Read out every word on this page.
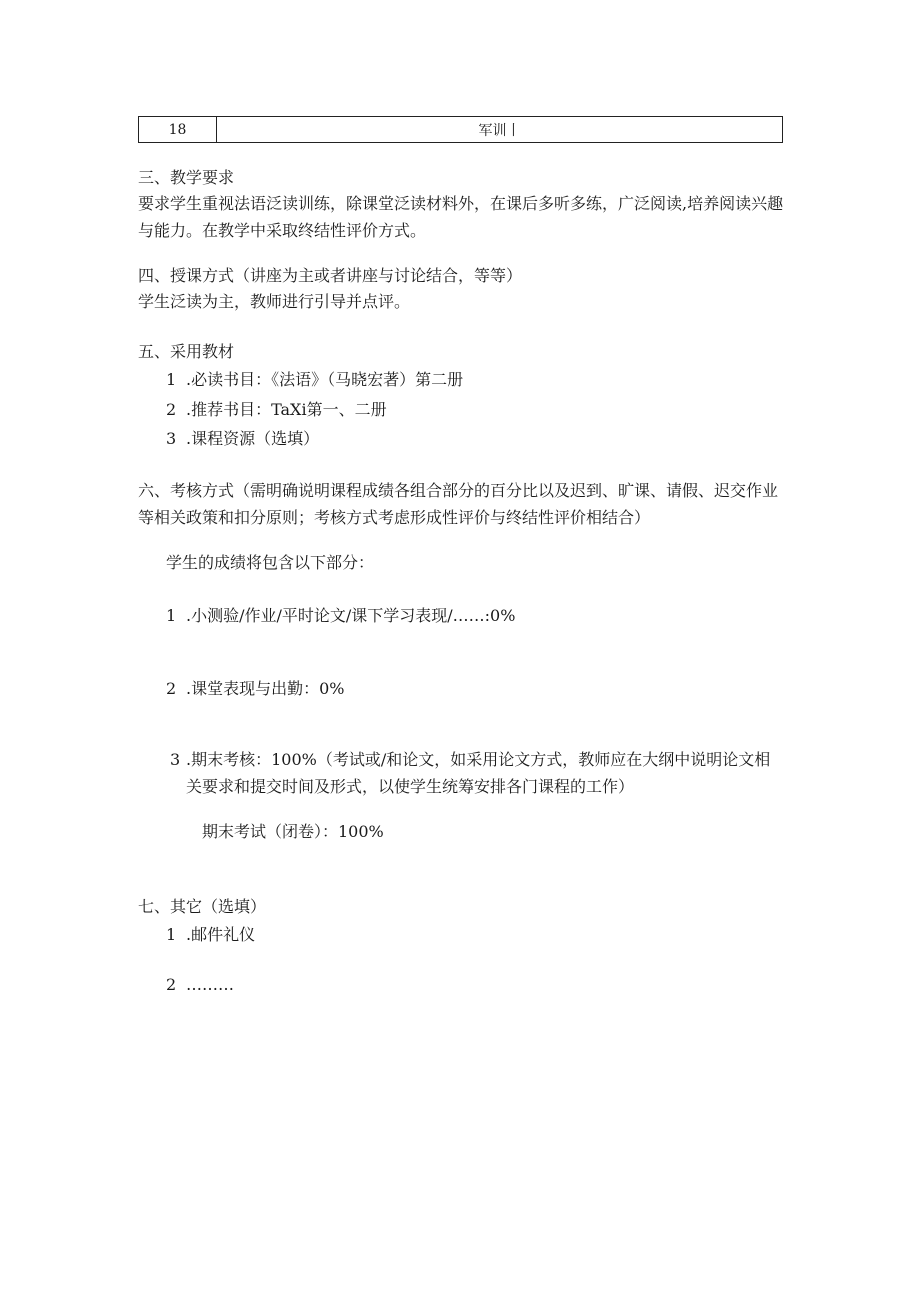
18	军训丨
三、教学要求
要求学生重视法语泛读训练，除课堂泛读材料外，在课后多听多练，广泛阅读,培养阅读兴趣与能力。在教学中采取终结性评价方式。
四、授课方式（讲座为主或者讲座与讨论结合，等等）
学生泛读为主，教师进行引导并点评。
五、采用教材
1 .必读书目：《法语》（马晓宏著）第二册
2 .推荐书目：TaXi第一、二册
3 .课程资源（选填）
六、考核方式（需明确说明课程成绩各组合部分的百分比以及迟到、旷课、请假、迟交作业等相关政策和扣分原则；考核方式考虑形成性评价与终结性评价相结合）
学生的成绩将包含以下部分：
1 .小测验/作业/平时论文/课下学习表现/……:0%
2 .课堂表现与出勤：0%
3 .期末考核：100%（考试或/和论文，如采用论文方式，教师应在大纲中说明论文相关要求和提交时间及形式，以使学生统筹安排各门课程的工作）
期末考试（闭卷）：100%
七、其它（选填）
1 .邮件礼仪
2 ………
